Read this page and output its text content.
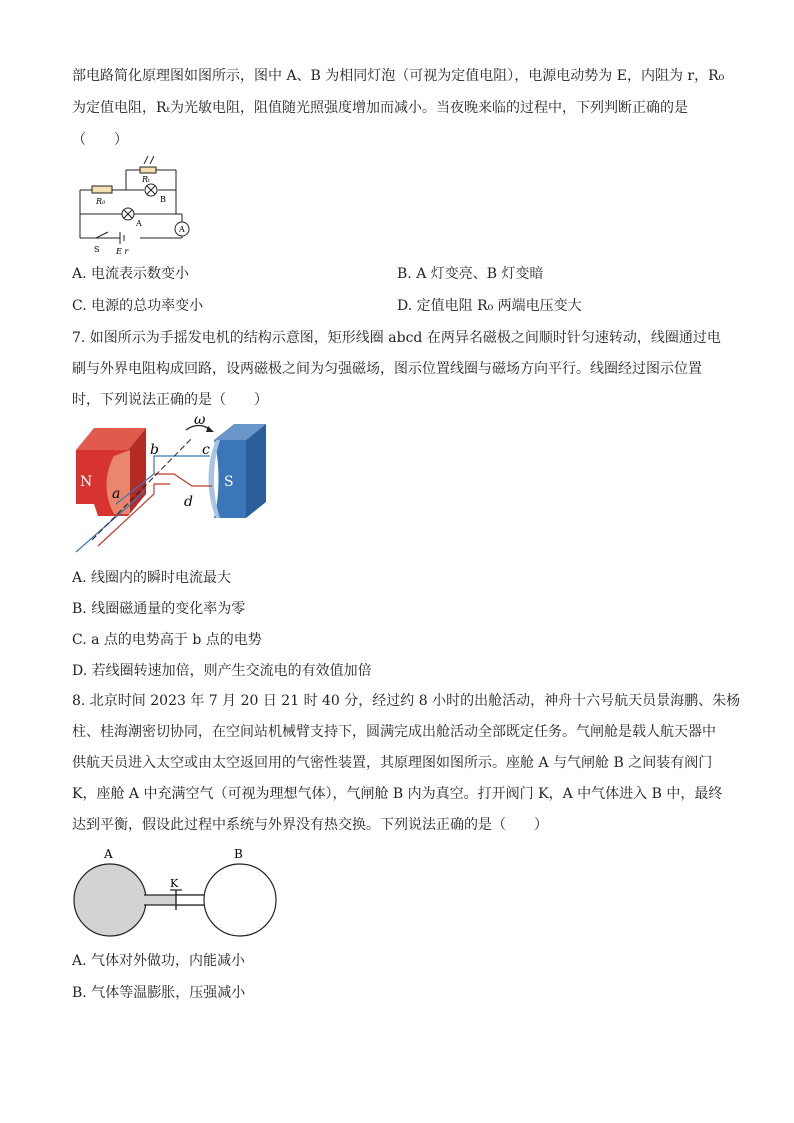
部电路简化原理图如图所示，图中 A、B 为相同灯泡（可视为定值电阻），电源电动势为 E，内阻为 r，R₀
为定值电阻，Rₜ为光敏电阻，阻值随光照强度增加而减小。当夜晚来临的过程中，下列判断正确的是
（　　）
Rₜ
R₀	B
A
A
S E r
A. 电流表示数变小	B. A 灯变亮、B 灯变暗
C. 电源的总功率变小	D. 定值电阻 R₀ 两端电压变大
7. 如图所示为手摇发电机的结构示意图，矩形线圈 abcd 在两异名磁极之间顺时针匀速转动，线圈通过电
刷与外界电阻构成回路，设两磁极之间为匀强磁场，图示位置线圈与磁场方向平行。线圈经过图示位置
时，下列说法正确的是（　　）
N	S
ω
a
b	c
d
A. 线圈内的瞬时电流最大
B. 线圈磁通量的变化率为零
C. a 点的电势高于 b 点的电势
D. 若线圈转速加倍，则产生交流电的有效值加倍
8. 北京时间 2023 年 7 月 20 日 21 时 40 分，经过约 8 小时的出舱活动，神舟十六号航天员景海鹏、朱杨
柱、桂海潮密切协同，在空间站机械臂支持下，圆满完成出舱活动全部既定任务。气闸舱是载人航天器中
供航天员进入太空或由太空返回用的气密性装置，其原理图如图所示。座舱 A 与气闸舱 B 之间装有阀门
K，座舱 A 中充满空气（可视为理想气体），气闸舱 B 内为真空。打开阀门 K，A 中气体进入 B 中，最终
达到平衡，假设此过程中系统与外界没有热交换。下列说法正确的是（　　）
A	B
K
A. 气体对外做功，内能减小
B. 气体等温膨胀，压强减小
